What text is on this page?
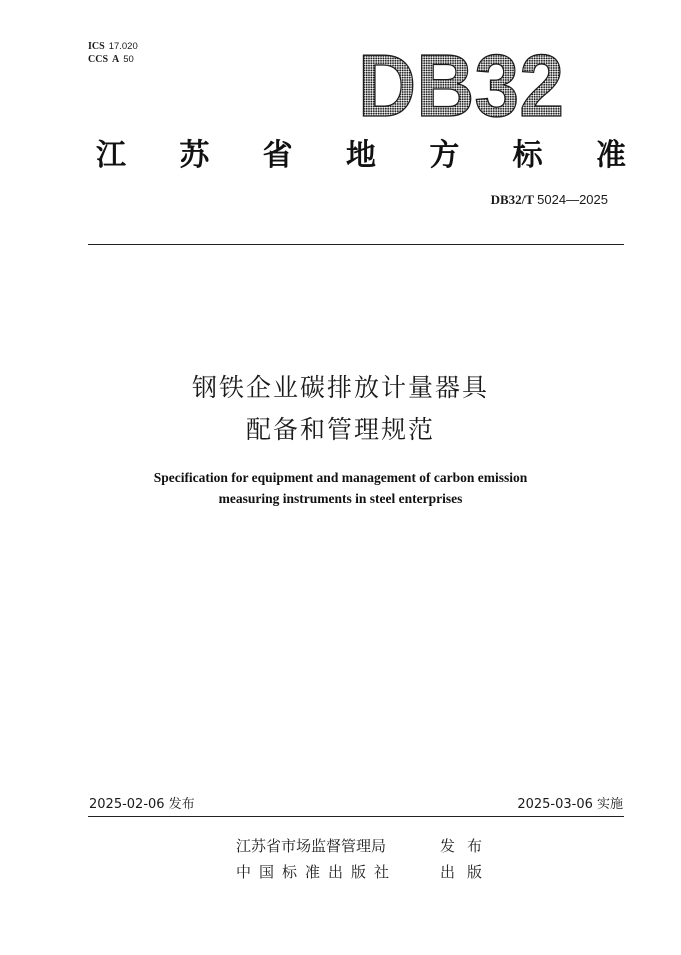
ICS 17.020
CCS A 50	DB32
江 苏 省 地 方 标 准
DB32/T 5024—2025
钢铁企业碳排放计量器具
配备和管理规范
Specification for equipment and management of carbon emission
measuring instruments in steel enterprises
2025-02-06 发布	2025-03-06 实施
江苏省市场监督管理局	发布
中国标准出版社	出版
